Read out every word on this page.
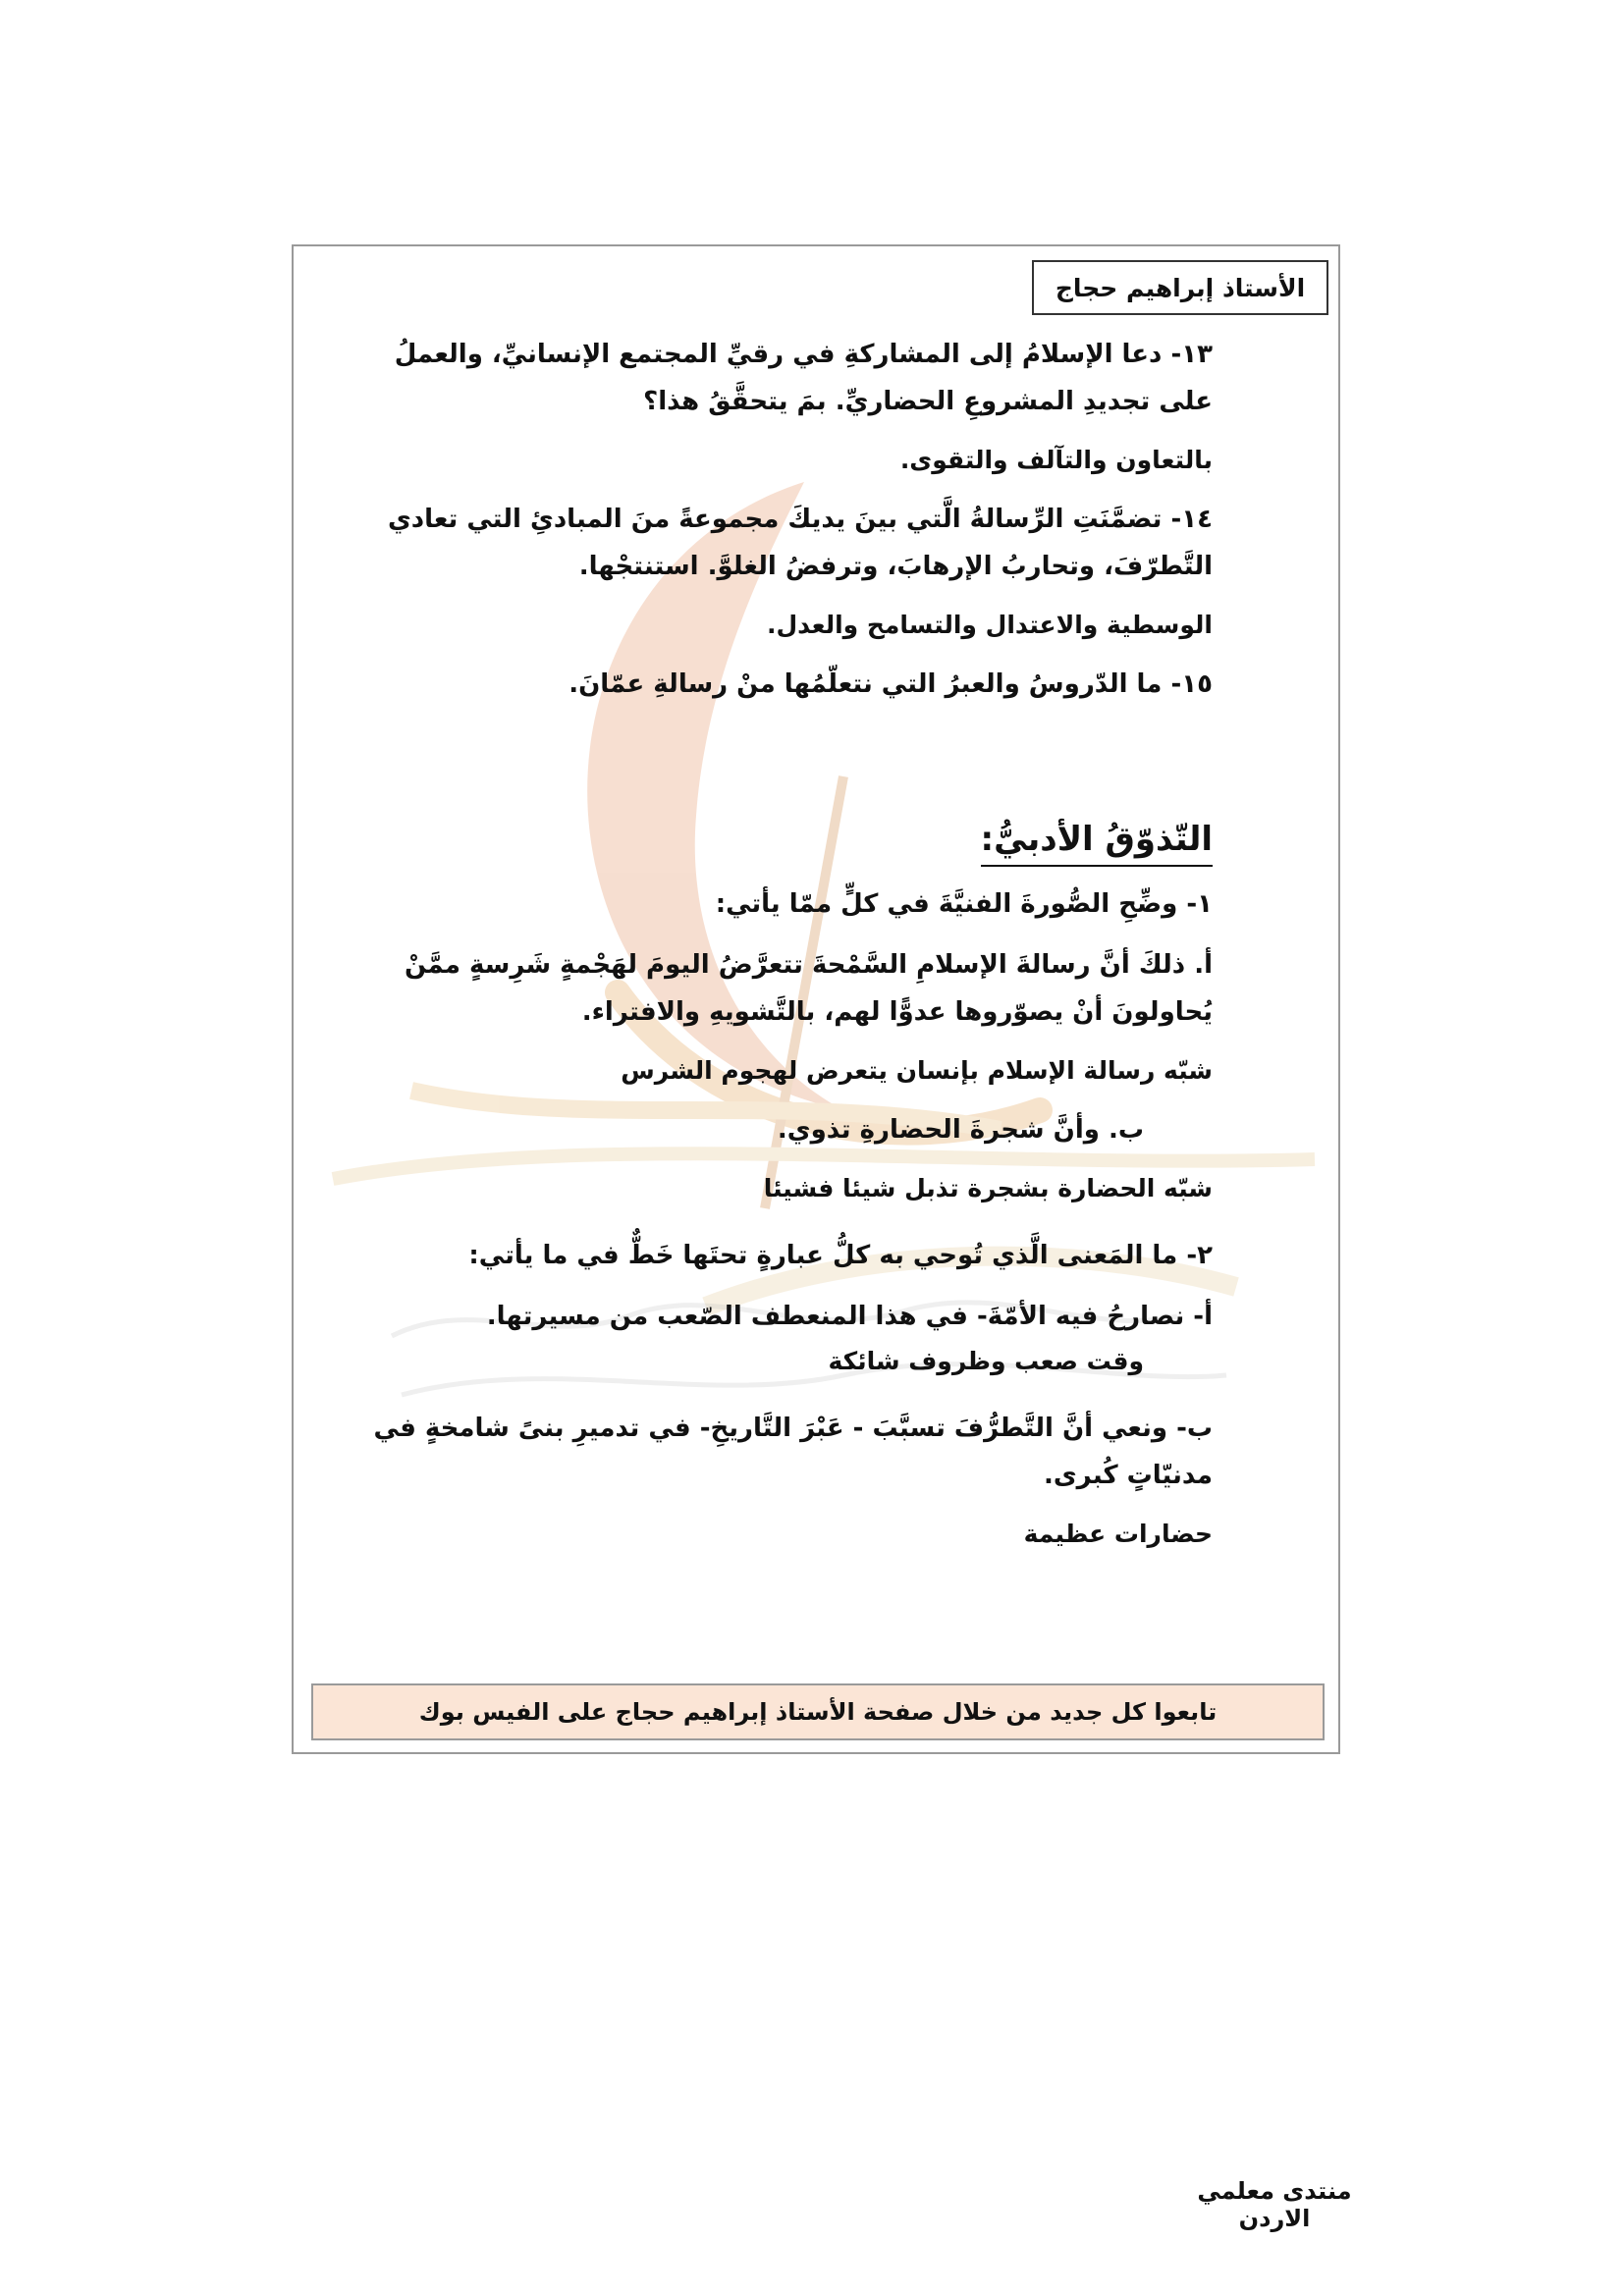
الأستاذ إبراهيم حجاج

١٣- دعا الإسلامُ إلى المشاركةِ في رقيِّ المجتمع الإنسانيِّ، والعملُ على تجديدِ المشروعِ الحضاريِّ. بمَ يتحقَّقُ هذا؟

بالتعاون والتآلف والتقوى.

١٤- تضمَّنَتِ الرِّسالةُ الَّتي بينَ يديكَ مجموعةً منَ المبادئِ التي تعادي التَّطرّفَ، وتحاربُ الإرهابَ، وترفضُ الغلوَّ. استنتجْها.

الوسطية والاعتدال والتسامح والعدل.

١٥- ما الدّروسُ والعبرُ التي نتعلّمُها منْ رسالةِ عمّانَ.

التّذوّقُ الأدبيُّ:

١- وضِّحِ الصُّورةَ الفنيَّةَ في كلٍّ ممّا يأتي:

أ. ذلكَ أنَّ رسالةَ الإسلامِ السَّمْحةَ تتعرَّضُ اليومَ لهَجْمةٍ شَرِسةٍ ممَّنْ يُحاولونَ أنْ يصوّروها عدوًّا لهم، بالتَّشويهِ والافتراء.

شبّه رسالة الإسلام بإنسان يتعرض لهجوم الشرس

ب. وأنَّ شجرةَ الحضارةِ تذوي.

شبّه الحضارة بشجرة تذبل شيئا فشيئا

٢- ما المَعنى الَّذي تُوحي به كلُّ عبارةٍ تحتَها خَطٌّ في ما يأتي:

أ- نصارحُ فيه الأمّةَ- في هذا المنعطف الصّعب من مسيرتها.

وقت صعب وظروف شائكة

ب- ونعي أنَّ التَّطرُّفَ تسبَّبَ - عَبْرَ التَّاريخِ- في تدميرِ بنىً شامخةٍ في مدنيّاتٍ كُبرى.

حضارات عظيمة

تابعوا كل جديد من خلال صفحة الأستاذ إبراهيم حجاج على الفيس بوك
منتدى معلمي الاردن
